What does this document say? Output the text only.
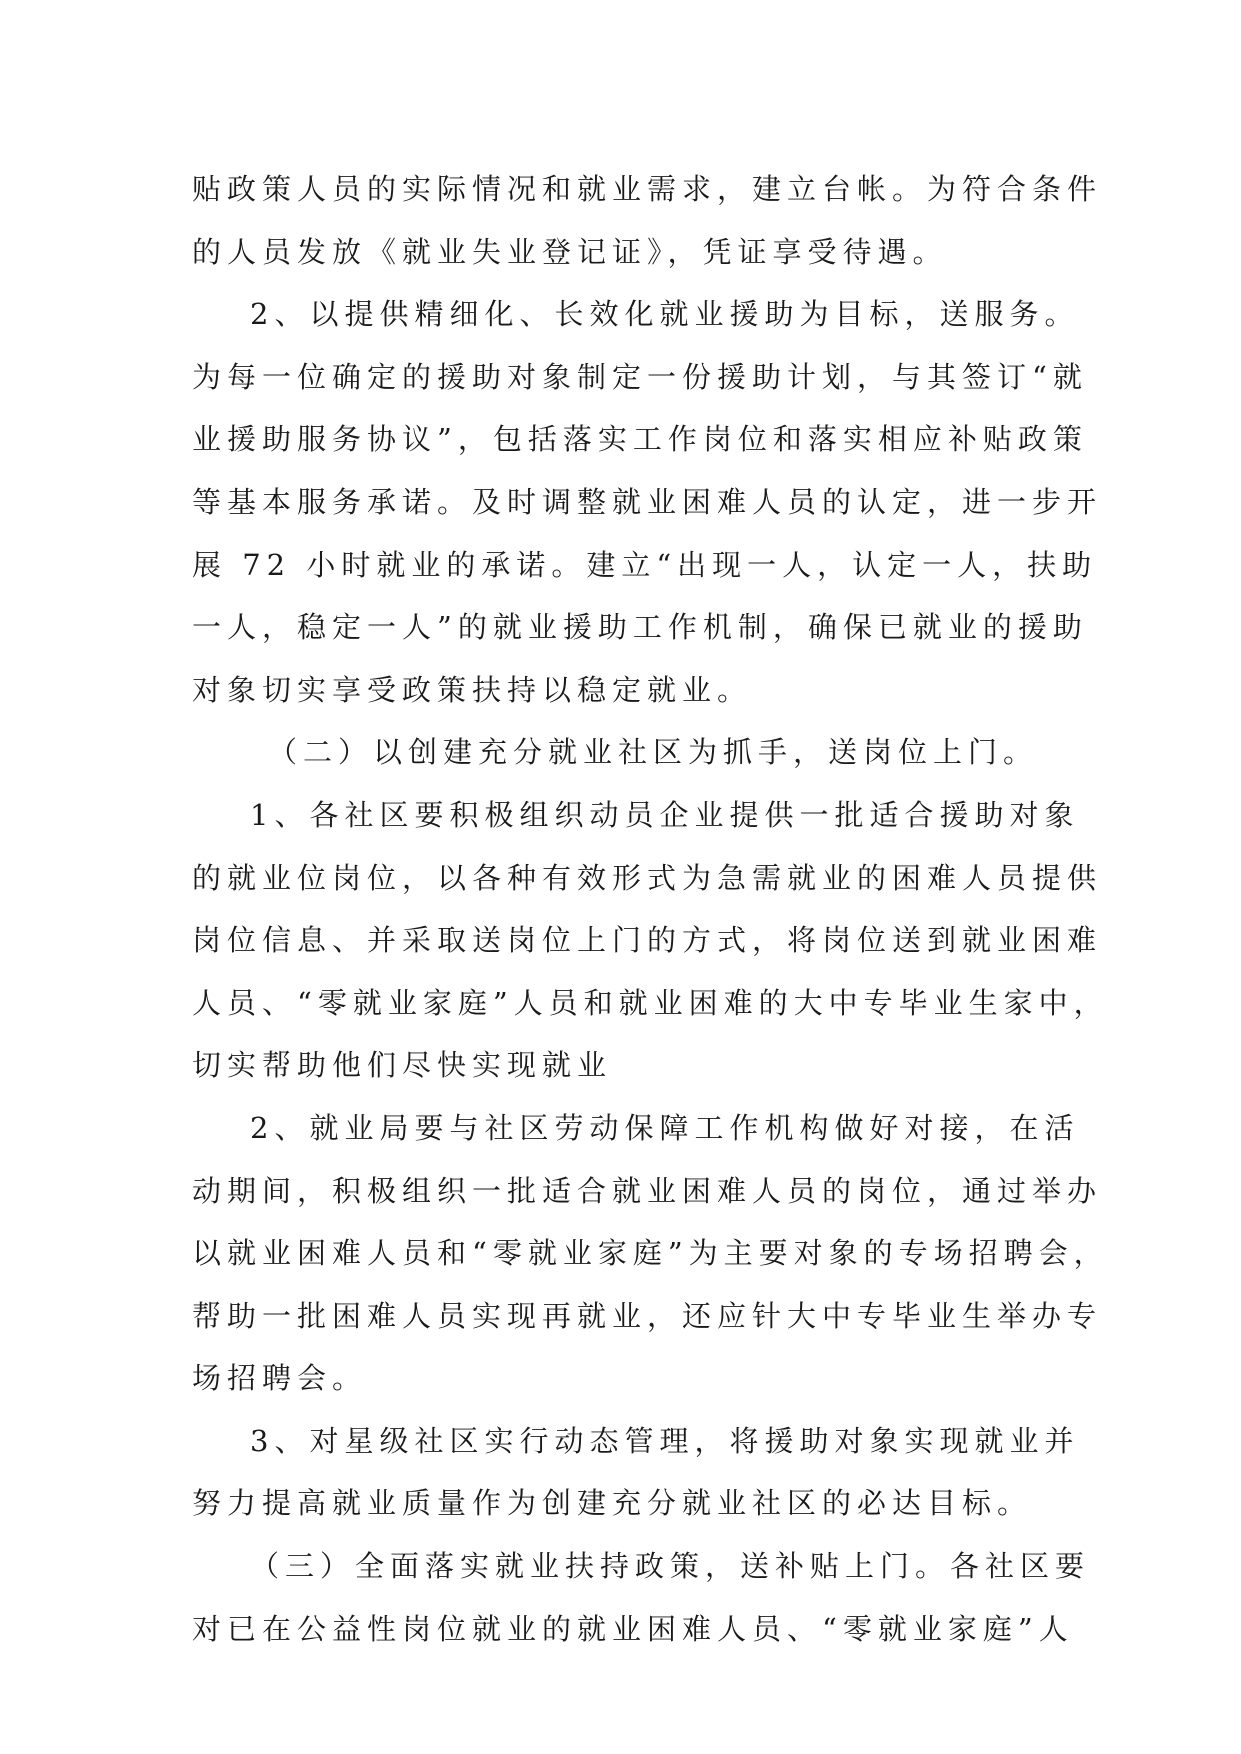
贴政策人员的实际情况和就业需求，建立台帐。为符合条件
的人员发放《就业失业登记证》，凭证享受待遇。
2、以提供精细化、长效化就业援助为目标，送服务。
为每一位确定的援助对象制定一份援助计划，与其签订“就
业援助服务协议”，包括落实工作岗位和落实相应补贴政策
等基本服务承诺。及时调整就业困难人员的认定，进一步开
展 72 小时就业的承诺。建立“出现一人，认定一人，扶助
一人，稳定一人”的就业援助工作机制，确保已就业的援助
对象切实享受政策扶持以稳定就业。
（二）以创建充分就业社区为抓手，送岗位上门。
1、各社区要积极组织动员企业提供一批适合援助对象
的就业位岗位，以各种有效形式为急需就业的困难人员提供
岗位信息、并采取送岗位上门的方式，将岗位送到就业困难
人员、“零就业家庭”人员和就业困难的大中专毕业生家中，
切实帮助他们尽快实现就业
2、就业局要与社区劳动保障工作机构做好对接，在活
动期间，积极组织一批适合就业困难人员的岗位，通过举办
以就业困难人员和“零就业家庭”为主要对象的专场招聘会，
帮助一批困难人员实现再就业，还应针大中专毕业生举办专
场招聘会。
3、对星级社区实行动态管理，将援助对象实现就业并
努力提高就业质量作为创建充分就业社区的必达目标。
（三）全面落实就业扶持政策，送补贴上门。各社区要
对已在公益性岗位就业的就业困难人员、“零就业家庭”人
